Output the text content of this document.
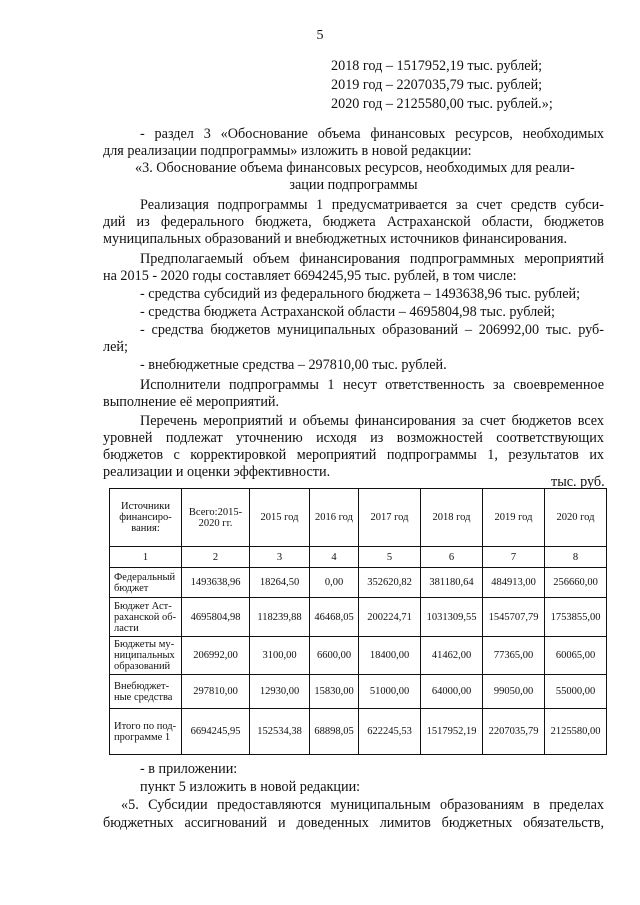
5
2018 год – 1517952,19 тыс. рублей;
2019 год – 2207035,79 тыс. рублей;
2020 год – 2125580,00 тыс. рублей.»;
- раздел 3 «Обоснование объема финансовых ресурсов, необходимых
для реализации подпрограммы» изложить в новой редакции:
«3. Обоснование объема финансовых ресурсов, необходимых для реали-
зации подпрограммы
Реализация подпрограммы 1 предусматривается за счет средств субси-
дий из федерального бюджета, бюджета Астраханской области, бюджетов
муниципальных образований и внебюджетных источников финансирования.
Предполагаемый объем финансирования подпрограммных мероприятий
на 2015 - 2020 годы составляет 6694245,95 тыс. рублей, в том числе:
- средства субсидий из федерального бюджета – 1493638,96 тыс. рублей;
- средства бюджета Астраханской области – 4695804,98 тыс. рублей;
- средства бюджетов муниципальных образований – 206992,00 тыс. руб-
лей;
- внебюджетные средства – 297810,00 тыс. рублей.
Исполнители подпрограммы 1 несут ответственность за своевременное
выполнение её мероприятий.
Перечень мероприятий и объемы финансирования за счет бюджетов всех
уровней подлежат уточнению исходя из возможностей соответствующих
бюджетов с корректировкой мероприятий подпрограммы 1, результатов их
реализации и оценки эффективности.
тыс. руб.
Источники финансиро-вания:	Всего:2015-2020 гг.	2015 год	2016 год	2017 год	2018 год	2019 год	2020 год
1	2	3	4	5	6	7	8
Федеральный бюджет	1493638,96	18264,50	0,00	352620,82	381180,64	484913,00	256660,00
Бюджет Аст-раханской об-ласти	4695804,98	118239,88	46468,05	200224,71	1031309,55	1545707,79	1753855,00
Бюджеты му-ниципальных образований	206992,00	3100,00	6600,00	18400,00	41462,00	77365,00	60065,00
Внебюджет-ные средства	297810,00	12930,00	15830,00	51000,00	64000,00	99050,00	55000,00
Итого по под-программе 1	6694245,95	152534,38	68898,05	622245,53	1517952,19	2207035,79	2125580,00
- в приложении:
пункт 5 изложить в новой редакции:
«5. Субсидии предоставляются муниципальным образованиям в пределах
бюджетных ассигнований и доведенных лимитов бюджетных обязательств,
